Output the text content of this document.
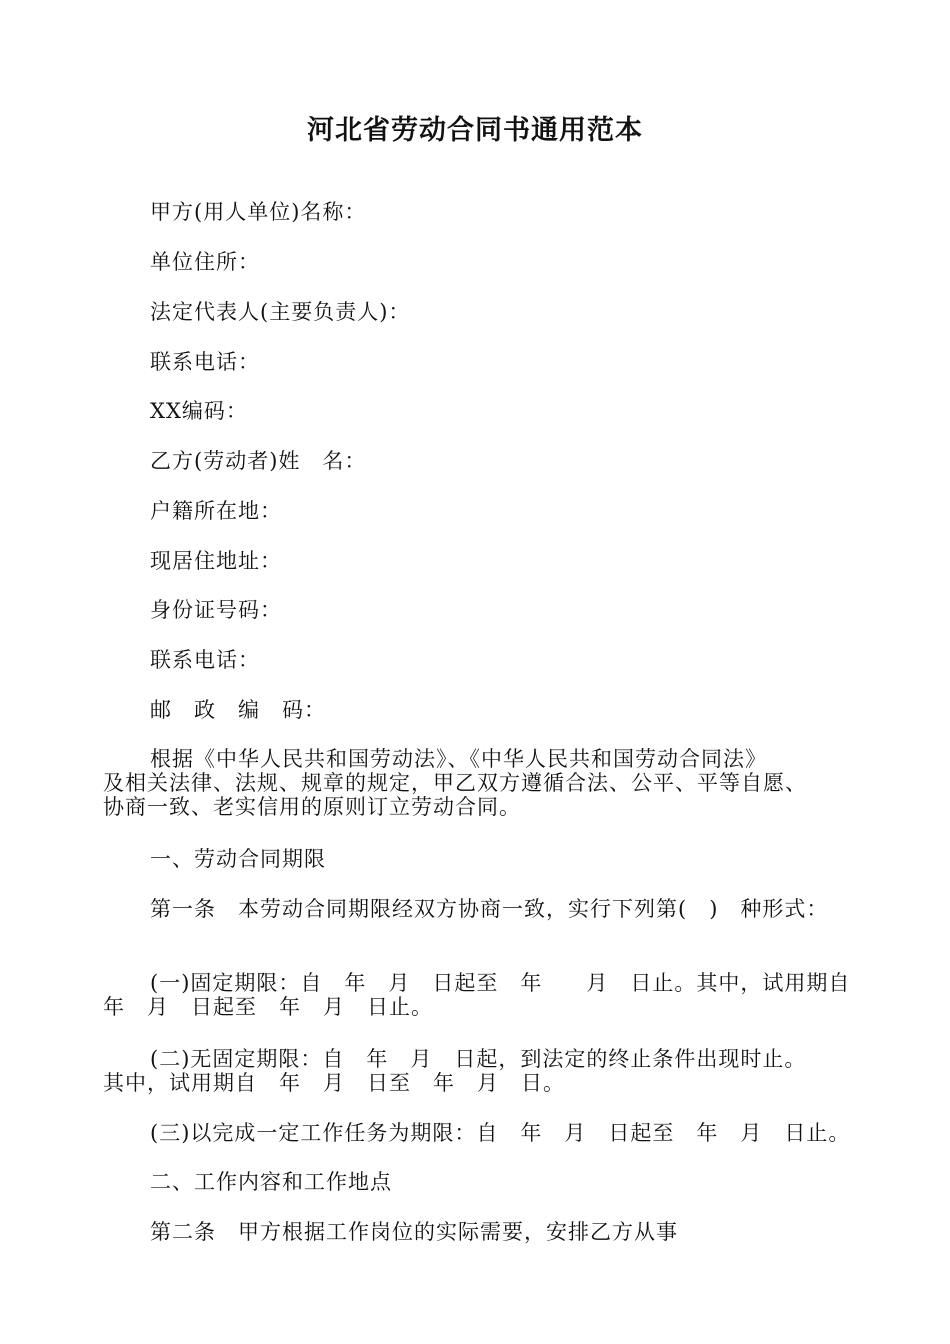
河北省劳动合同书通用范本
甲方(用人单位)名称：
单位住所：
法定代表人(主要负责人)：
联系电话：
XX编码：
乙方(劳动者)姓　名：
户籍所在地：
现居住地址：
身份证号码：
联系电话：
邮　政　编　码：
根据《中华人民共和国劳动法》、《中华人民共和国劳动合同法》
及相关法律、法规、规章的规定，甲乙双方遵循合法、公平、平等自愿、
协商一致、老实信用的原则订立劳动合同。
一、劳动合同期限
第一条　本劳动合同期限经双方协商一致，实行下列第(　)　种形式：
(一)固定期限：自　年　月　日起至　年　　月　日止。其中，试用期自
年　月　日起至　年　月　日止。
(二)无固定期限：自　年　月　日起，到法定的终止条件出现时止。
其中，试用期自　年　月　日至　年　月　日。
(三)以完成一定工作任务为期限：自　年　月　日起至　年　月　日止。
二、工作内容和工作地点
第二条　甲方根据工作岗位的实际需要，安排乙方从事
